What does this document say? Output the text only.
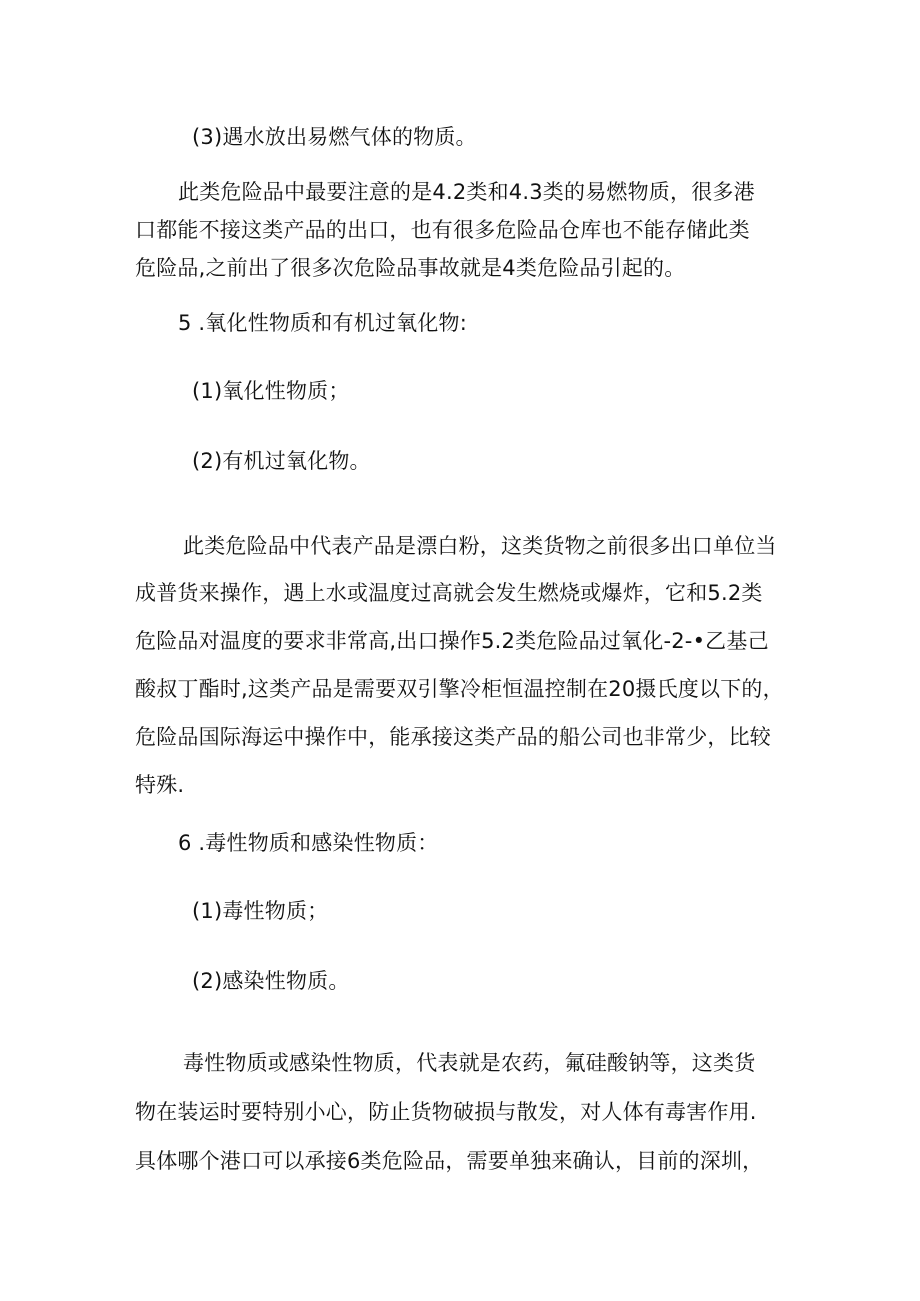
(3)遇水放出易燃气体的物质。
此类危险品中最要注意的是4.2类和4.3类的易燃物质，很多港
口都能不接这类产品的出口，也有很多危险品仓库也不能存储此类
危险品,之前出了很多次危险品事故就是4类危险品引起的。
5 .氧化性物质和有机过氧化物:
(1)氧化性物质；
(2)有机过氧化物。
此类危险品中代表产品是漂白粉，这类货物之前很多出口单位当
成普货来操作，遇上水或温度过高就会发生燃烧或爆炸，它和5.2类
危险品对温度的要求非常高,出口操作5.2类危险品过氧化-2-•乙基己
酸叔丁酯时,这类产品是需要双引擎冷柜恒温控制在20摄氏度以下的，
危险品国际海运中操作中，能承接这类产品的船公司也非常少，比较
特殊.
6 .毒性物质和感染性物质：
(1)毒性物质；
(2)感染性物质。
毒性物质或感染性物质，代表就是农药，氟硅酸钠等，这类货
物在装运时要特别小心，防止货物破损与散发，对人体有毒害作用.
具体哪个港口可以承接6类危险品，需要单独来确认，目前的深圳，
